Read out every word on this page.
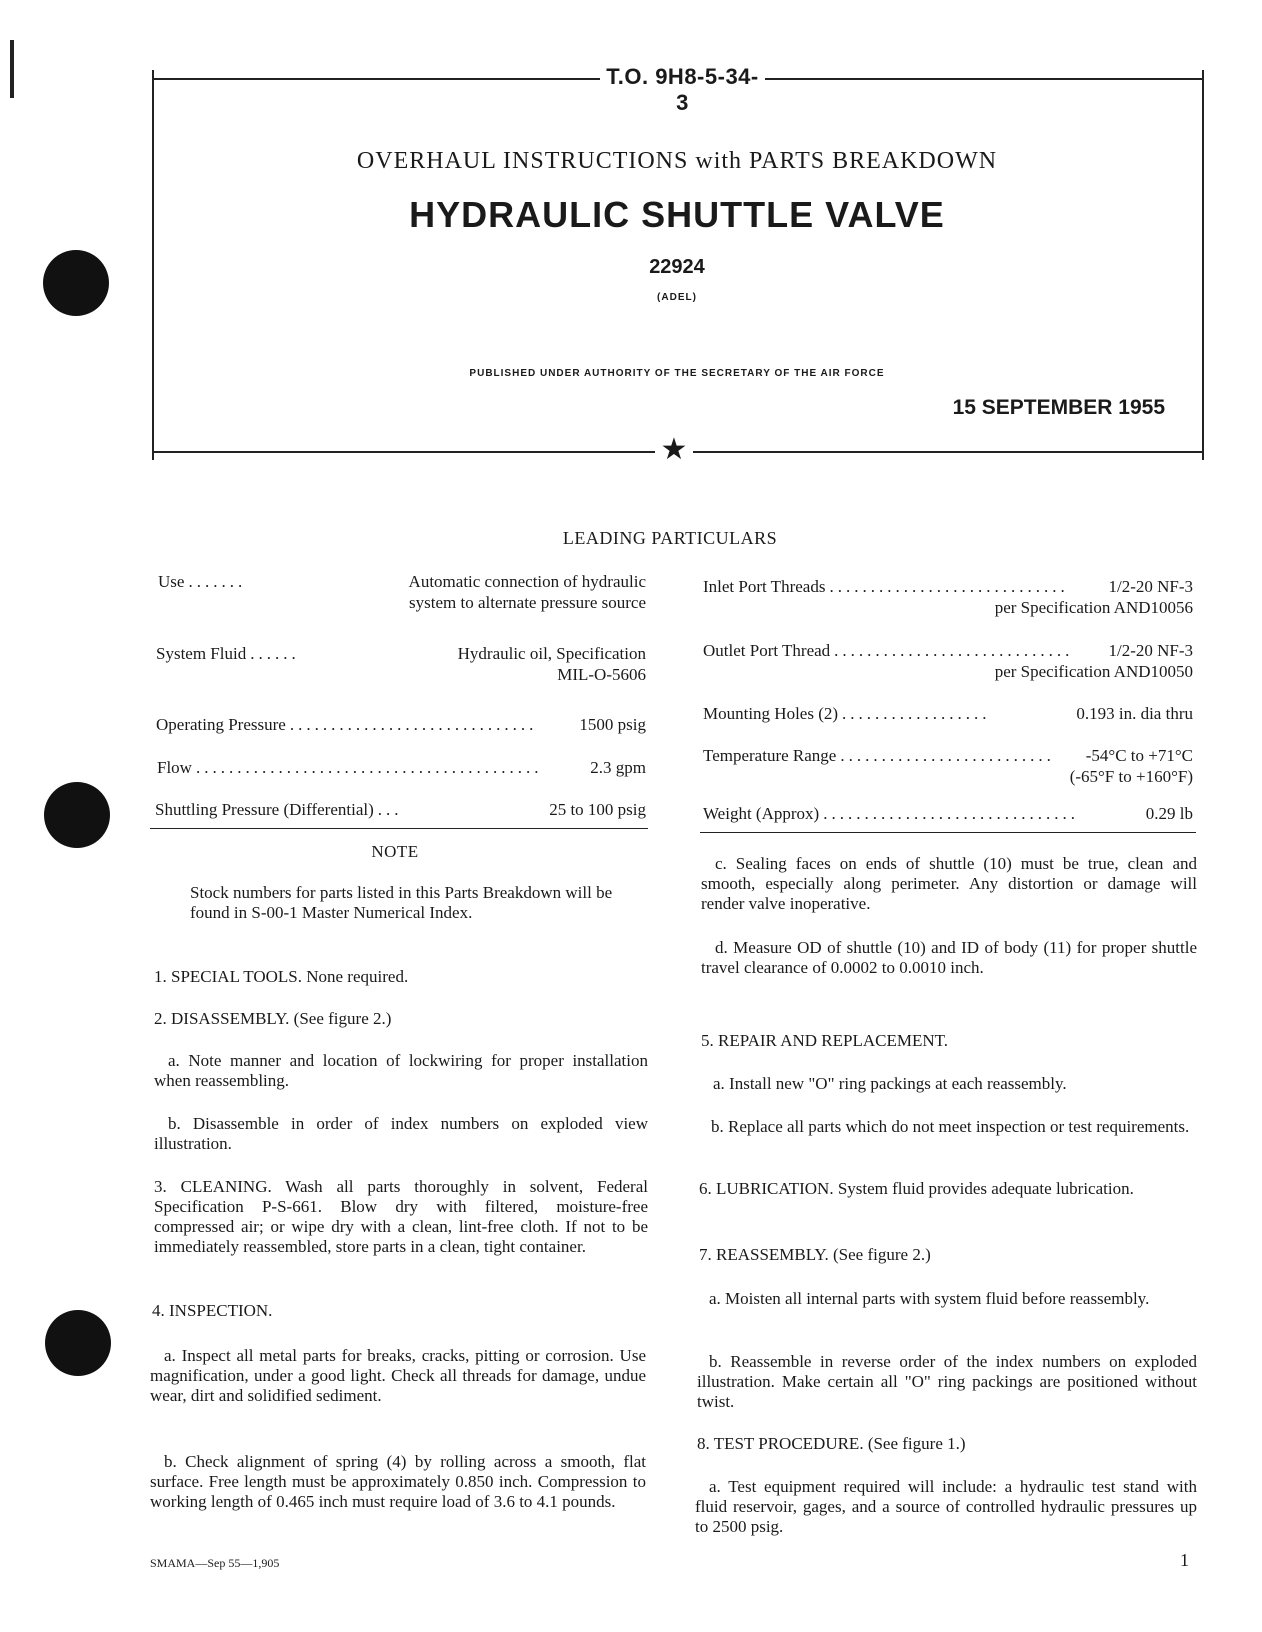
T.O. 9H8-5-34-3
★
OVERHAUL INSTRUCTIONS with PARTS BREAKDOWN
HYDRAULIC SHUTTLE VALVE
22924
(ADEL)
PUBLISHED UNDER AUTHORITY OF THE SECRETARY OF THE AIR FORCE
15 SEPTEMBER 1955
LEADING PARTICULARS
Use .......	Automatic connection of hydraulic
system to alternate pressure source
System Fluid ......	Hydraulic oil, Specification
MIL-O-5606
Operating Pressure ..............................	1500 psig
Flow ..........................................	2.3 gpm
Shuttling Pressure (Differential) ...	25 to 100 psig
Inlet Port Threads .............................	1/2-20 NF-3
per Specification AND10056
Outlet Port Thread .............................	1/2-20 NF-3
per Specification AND10050
Mounting Holes (2) ..................	0.193 in. dia thru
Temperature Range ..........................	-54°C to +71°C
(-65°F to +160°F)
Weight (Approx) ...............................	0.29 lb
NOTE
Stock numbers for parts listed in this Parts Breakdown will be found in S-00-1 Master Numerical Index.
1. SPECIAL TOOLS. None required.
2. DISASSEMBLY. (See figure 2.)
a. Note manner and location of lockwiring for proper installation when reassembling.
b. Disassemble in order of index numbers on exploded view illustration.
3. CLEANING. Wash all parts thoroughly in solvent, Federal Specification P-S-661. Blow dry with filtered, moisture-free compressed air; or wipe dry with a clean, lint-free cloth. If not to be immediately reassembled, store parts in a clean, tight container.
4. INSPECTION.
a. Inspect all metal parts for breaks, cracks, pitting or corrosion. Use magnification, under a good light. Check all threads for damage, undue wear, dirt and solidified sediment.
b. Check alignment of spring (4) by rolling across a smooth, flat surface. Free length must be approximately 0.850 inch. Compression to working length of 0.465 inch must require load of 3.6 to 4.1 pounds.
c. Sealing faces on ends of shuttle (10) must be true, clean and smooth, especially along perimeter. Any distortion or damage will render valve inoperative.
d. Measure OD of shuttle (10) and ID of body (11) for proper shuttle travel clearance of 0.0002 to 0.0010 inch.
5. REPAIR AND REPLACEMENT.
a. Install new "O" ring packings at each reassembly.
b. Replace all parts which do not meet inspection or test requirements.
6. LUBRICATION. System fluid provides adequate lubrication.
7. REASSEMBLY. (See figure 2.)
a. Moisten all internal parts with system fluid before reassembly.
b. Reassemble in reverse order of the index numbers on exploded illustration. Make certain all "O" ring packings are positioned without twist.
8. TEST PROCEDURE. (See figure 1.)
a. Test equipment required will include: a hydraulic test stand with fluid reservoir, gages, and a source of controlled hydraulic pressures up to 2500 psig.
SMAMA—Sep 55—1,905	1
